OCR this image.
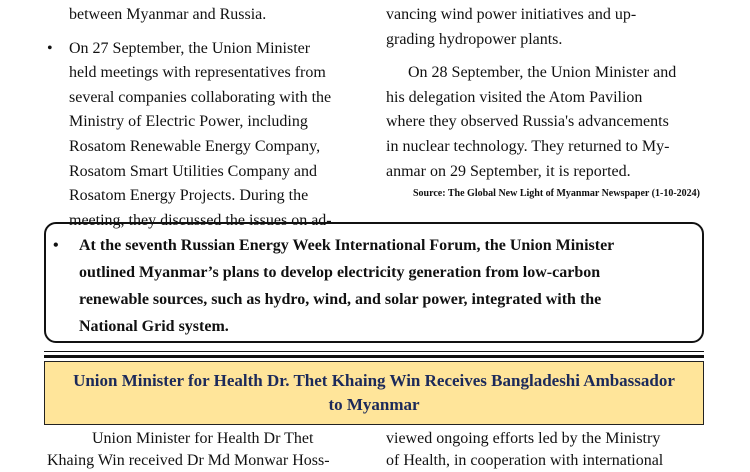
between Myanmar and Russia.
• On 27 September, the Union Minister
held meetings with representatives from
several companies collaborating with the
Ministry of Electric Power, including
Rosatom Renewable Energy Company,
Rosatom Smart Utilities Company and
Rosatom Energy Projects. During the
meeting, they discussed the issues on ad-
vancing wind power initiatives and up-
grading hydropower plants.
On 28 September, the Union Minister and
his delegation visited the Atom Pavilion
where they observed Russia's advancements
in nuclear technology. They returned to My-
anmar on 29 September, it is reported.
Source: The Global New Light of Myanmar Newspaper (1-10-2024)
•	At the seventh Russian Energy Week International Forum, the Union Minister
outlined Myanmar’s plans to develop electricity generation from low-carbon
renewable sources, such as hydro, wind, and solar power, integrated with the
National Grid system.
Union Minister for Health Dr. Thet Khaing Win Receives Bangladeshi Ambassador
to Myanmar
Union Minister for Health Dr Thet
Khaing Win received Dr Md Monwar Hoss-
viewed ongoing efforts led by the Ministry
of Health, in cooperation with international
